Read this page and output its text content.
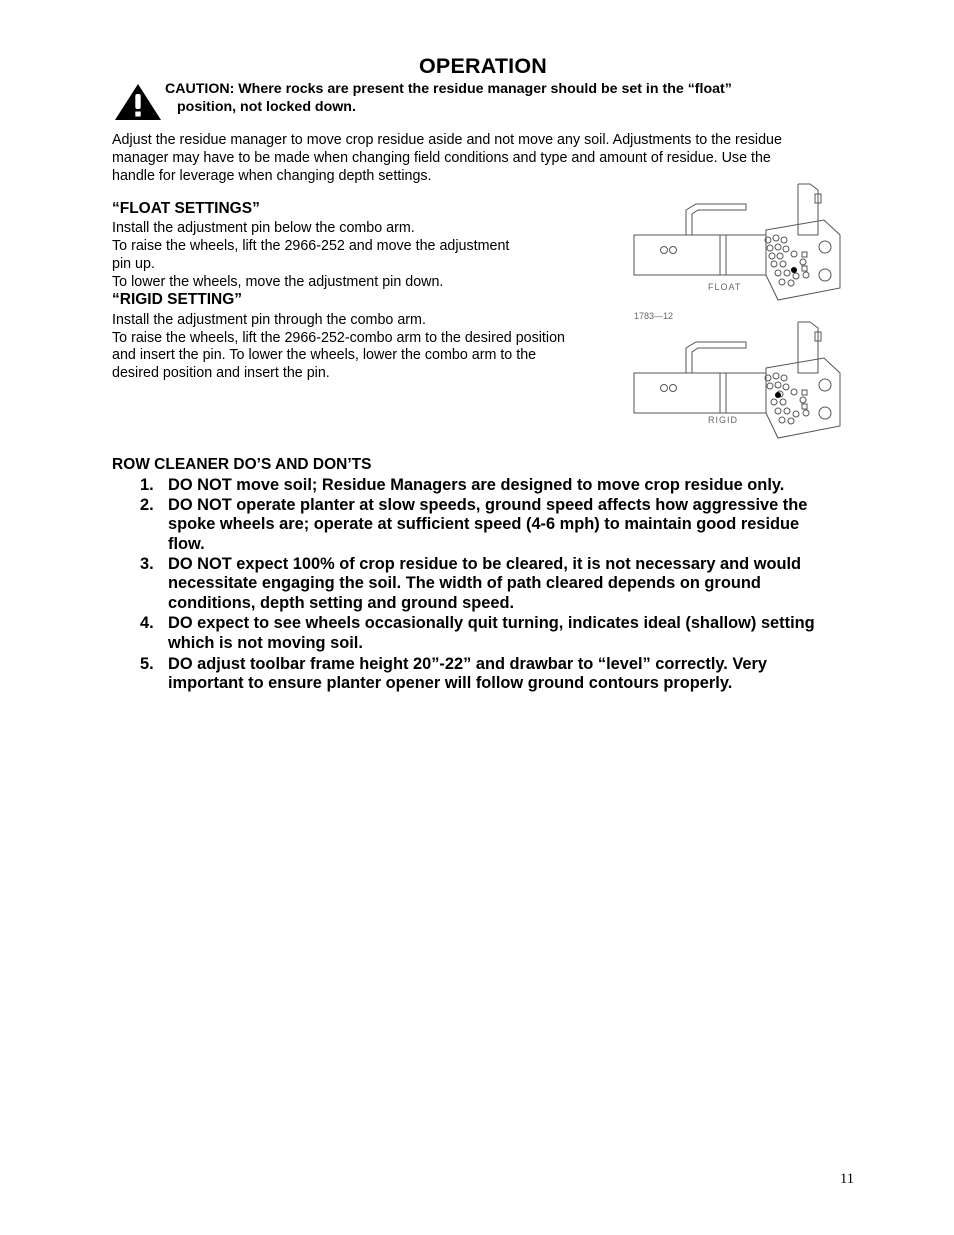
OPERATION
CAUTION: Where rocks are present the residue manager should be set in the “float”
position, not locked down.
Adjust the residue manager to move crop residue aside and not move any soil. Adjustments to the residue
manager may have to be made when changing field conditions and type and amount of residue. Use the
handle for leverage when changing depth settings.
“FLOAT SETTINGS”
Install the adjustment pin below the combo arm.
To raise the wheels, lift the 2966-252 and move the adjustment
pin up.
To lower the wheels, move the adjustment pin down.
“RIGID SETTING”
Install the adjustment pin through the combo arm.
To raise the wheels, lift the 2966-252-combo arm to the desired position
and insert the pin. To lower the wheels, lower the combo arm to the
desired position and insert the pin.
FLOAT
1783—12
RIGID
ROW CLEANER DO’S AND DON’TS
1. DO NOT move soil; Residue Managers are designed to move crop residue only.
2. DO NOT operate planter at slow speeds, ground speed affects how aggressive the
spoke wheels are; operate at sufficient speed (4-6 mph) to maintain good residue
flow.
3. DO NOT expect 100% of crop residue to be cleared, it is not necessary and would
necessitate engaging the soil. The width of path cleared depends on ground
conditions, depth setting and ground speed.
4. DO expect to see wheels occasionally quit turning, indicates ideal (shallow) setting
which is not moving soil.
5. DO adjust toolbar frame height 20”-22” and drawbar to “level” correctly. Very
important to ensure planter opener will follow ground contours properly.
11
